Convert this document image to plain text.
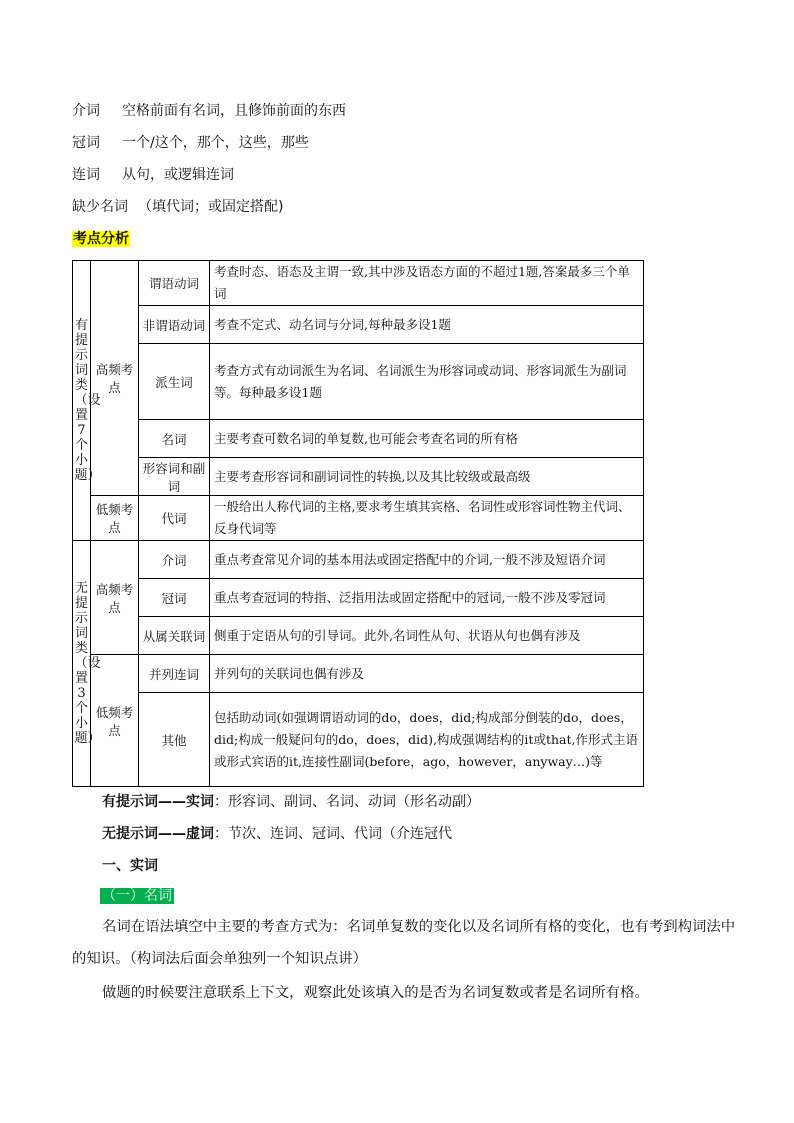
介词 空格前面有名词，且修饰前面的东西
冠词 一个/这个，那个，这些，那些
连词 从句，或逻辑连词
缺少名词 （填代词；或固定搭配)
考点分析
有提示词类（设置7个小题）	高频考点	谓语动词	考查时态、语态及主谓一致,其中涉及语态方面的不超过1题,答案最多三个单词
		非谓语动词	考查不定式、动名词与分词,每种最多设1题
		派生词	考查方式有动词派生为名词、名词派生为形容词或动词、形容词派生为副词等。每种最多设1题
		名词	主要考查可数名词的单复数,也可能会考查名词的所有格
		形容词和副词	主要考查形容词和副词词性的转换,以及其比较级或最高级
	低频考点	代词	一般给出人称代词的主格,要求考生填其宾格、名词性或形容词性物主代词、反身代词等
无提示词类（设置3个小题）	高频考点	介词	重点考查常见介词的基本用法或固定搭配中的介词,一般不涉及短语介词
		冠词	重点考查冠词的特指、泛指用法或固定搭配中的冠词,一般不涉及零冠词
		从属关联词	侧重于定语从句的引导词。此外,名词性从句、状语从句也偶有涉及
	低频考点	并列连词	并列句的关联词也偶有涉及
		其他	包括助动词(如强调谓语动词的do，does，did;构成部分倒装的do，does，did;构成一般疑问句的do，does，did),构成强调结构的it或that,作形式主语或形式宾语的it,连接性副词(before，ago，however，anyway…)等
有提示词——实词：形容词、副词、名词、动词（形名动副）
无提示词——虚词：节次、连词、冠词、代词（介连冠代
一、实词
（一）名词
名词在语法填空中主要的考查方式为：名词单复数的变化以及名词所有格的变化，也有考到构词法中
的知识。（构词法后面会单独列一个知识点讲）
做题的时候要注意联系上下文，观察此处该填入的是否为名词复数或者是名词所有格。
